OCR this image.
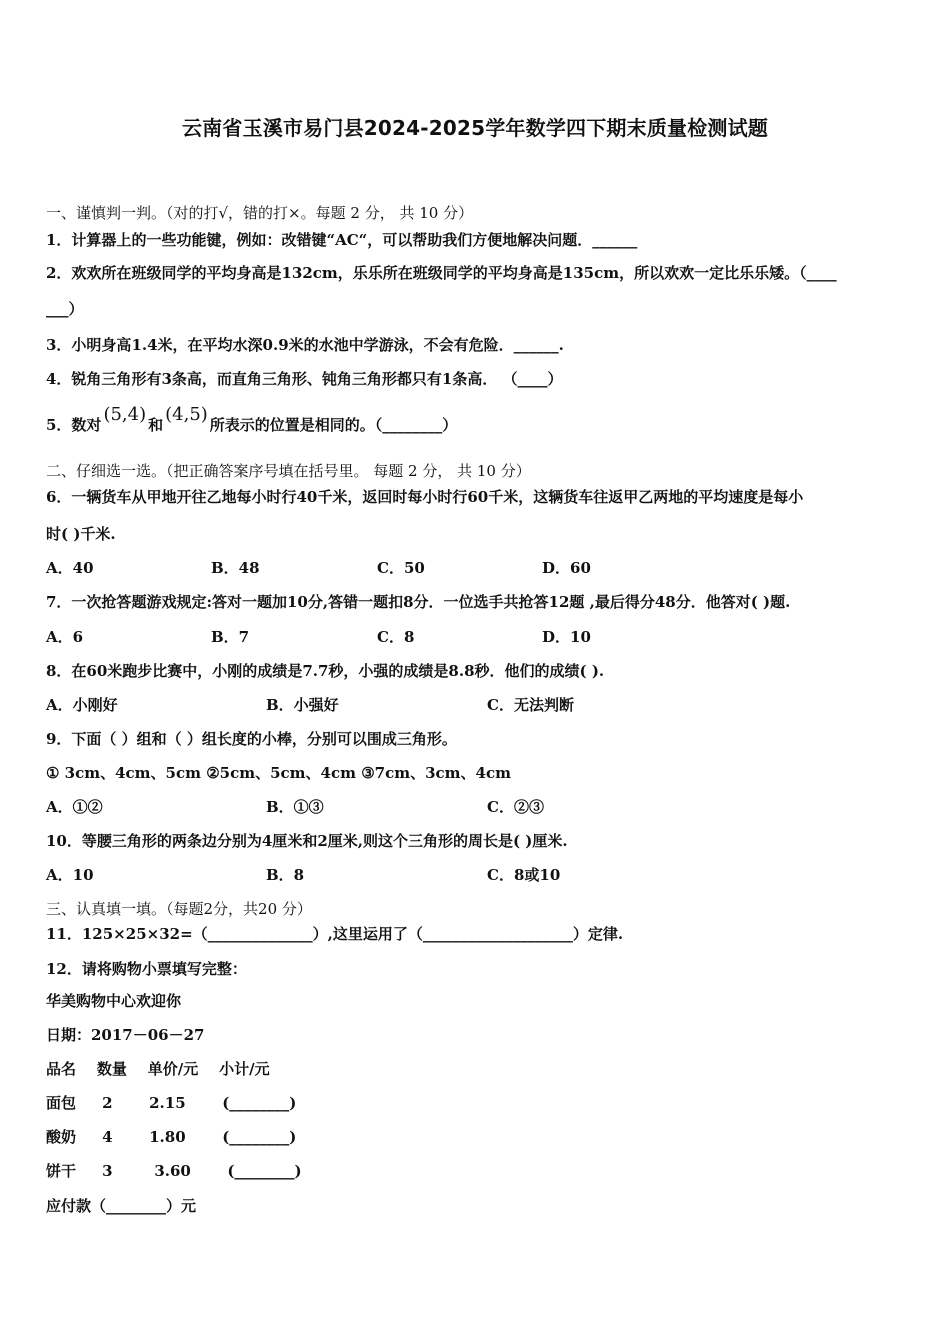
云南省玉溪市易门县2024-2025学年数学四下期末质量检测试题
一、谨慎判一判。（对的打√，错的打×。每题 2 分， 共 10 分）
1．计算器上的一些功能键，例如：改错键“AC“，可以帮助我们方便地解决问题．______
2．欢欢所在班级同学的平均身高是132cm，乐乐所在班级同学的平均身高是135cm，所以欢欢一定比乐乐矮。（____
___）
3．小明身高1.4米，在平均水深0.9米的水池中学游泳，不会有危险．______.
4．锐角三角形有3条高，而直角三角形、钝角三角形都只有1条高． （____）
5．数对 (5,4) 和 (4,5) 所表示的位置是相同的。（________）
二、仔细选一选。（把正确答案序号填在括号里。 每题 2 分， 共 10 分）
6．一辆货车从甲地开往乙地每小时行40千米，返回时每小时行60千米，这辆货车往返甲乙两地的平均速度是每小
时( )千米.
A．40	B．48	C．50	D．60
7．一次抢答题游戏规定:答对一题加10分,答错一题扣8分．一位选手共抢答12题 ,最后得分48分．他答对( )题.
A．6	B．7	C．8	D．10
8．在60米跑步比赛中，小刚的成绩是7.7秒，小强的成绩是8.8秒．他们的成绩( ).
A．小刚好	B．小强好	C．无法判断
9．下面（ ）组和（ ）组长度的小棒，分别可以围成三角形。
① 3cm、4cm、5cm ②5cm、5cm、4cm ③7cm、3cm、4cm
A．①②	B．①③	C．②③
10．等腰三角形的两条边分别为4厘米和2厘米,则这个三角形的周长是( )厘米.
A．10	B．8	C．8或10
三、认真填一填。（每题2分，共20 分）
11．125×25×32=（______________）,这里运用了（____________________）定律.
12．请将购物小票填写完整：
华美购物中心欢迎你
日期：2017－06－27
品名    数量    单价/元    小计/元
面包     2       2.15       (________)
酸奶     4       1.80       (________)
饼干     3        3.60       (________)
应付款（________）元
